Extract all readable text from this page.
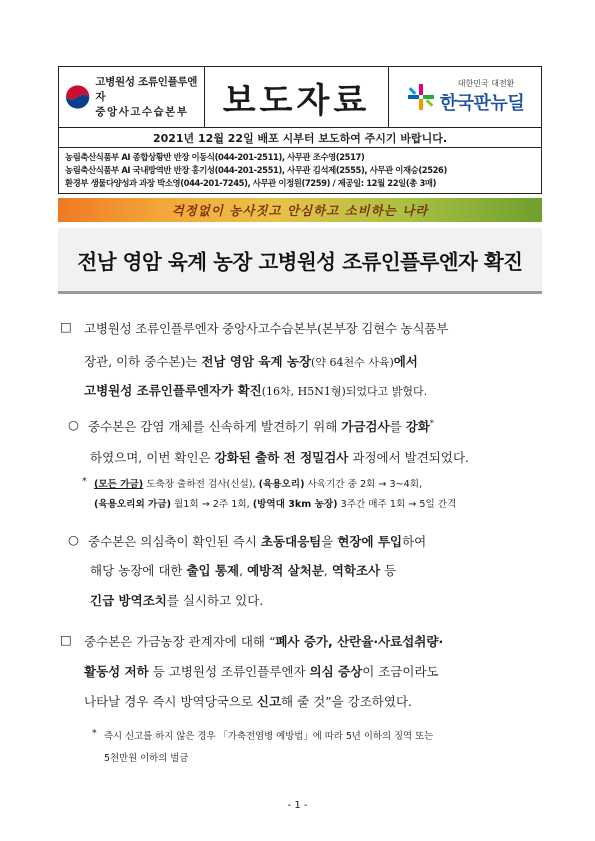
고병원성 조류인플루엔자
중앙사고수습본부	보도자료	대한민국 대전환
한국판뉴딜
2021년 12월 22일 배포 시부터 보도하여 주시기 바랍니다.
농림축산식품부 AI 종합상황반 반장 이동식(044-201-2511), 사무관 조수영(2517)
농림축산식품부 AI 국내방역반 반장 홍기성(044-201-2551), 사무관 김석제(2555), 사무관 이재승(2526)
환경부 생물다양성과 과장 박소영(044-201-7245), 사무관 이정원(7259) / 제공일: 12월 22일(총 3매)
걱정없이 농사짓고 안심하고 소비하는 나라
전남 영암 육계 농장 고병원성 조류인플루엔자 확진
□ 고병원성 조류인플루엔자 중앙사고수습본부(본부장 김현수 농식품부
장관, 이하 중수본)는 전남 영암 육계 농장(약 64천수 사육)에서
고병원성 조류인플루엔자가 확진(16차, H5N1형)되었다고 밝혔다.
○ 중수본은 감염 개체를 신속하게 발견하기 위해 가금검사를 강화*
하였으며, 이번 확인은 강화된 출하 전 정밀검사 과정에서 발견되었다.
* (모든 가금) 도축장 출하전 검사(신설), (육용오리) 사육기간 중 2회 → 3~4회,
(육용오리외 가금) 월1회 → 2주 1회, (방역대 3km 농장) 3주간 매주 1회 → 5일 간격
○ 중수본은 의심축이 확인된 즉시 초동대응팀을 현장에 투입하여
해당 농장에 대한 출입 통제, 예방적 살처분, 역학조사 등
긴급 방역조치를 실시하고 있다.
□ 중수본은 가금농장 관계자에 대해 “폐사 증가, 산란율·사료섭취량·
활동성 저하 등 고병원성 조류인플루엔자 의심 증상이 조금이라도
나타날 경우 즉시 방역당국으로 신고해 줄 것”을 강조하였다.
* 즉시 신고를 하지 않은 경우 「가축전염병 예방법」에 따라 5년 이하의 징역 또는
5천만원 이하의 벌금
- 1 -
